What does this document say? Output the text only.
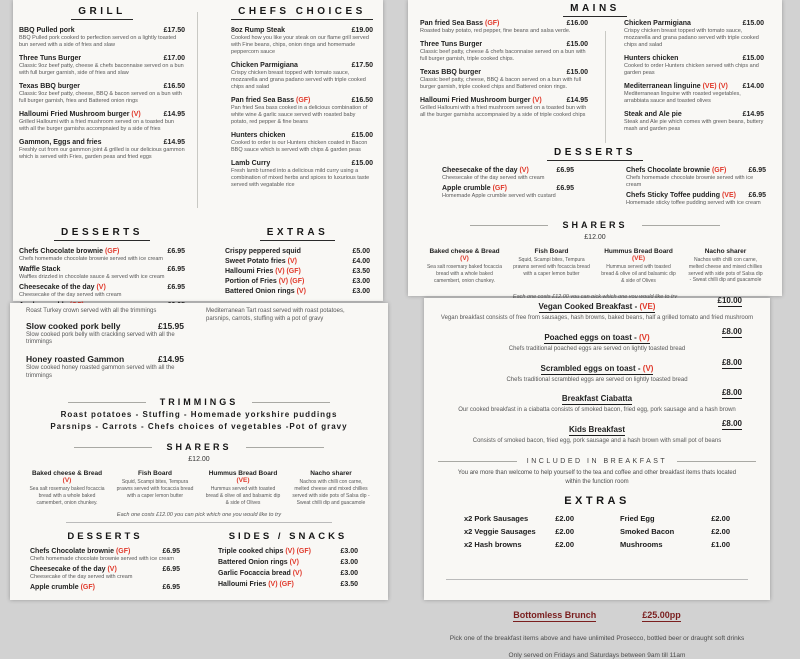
GRILL
BBQ Pulled pork	£17.50
BBQ Pulled pork cooked to perfection served on a lightly toasted bun served with a side of fries and slaw
Three Tuns Burger	£17.00
Classic 9oz beef patty, cheese & chefs baconnaise served on a bun with full burger garnish, side of fries and slaw
Texas BBQ burger	£16.50
Classic 9oz beef patty, cheese, BBQ & bacon served on a bun with full burger garnish, fries and Battered onion rings
Halloumi Fried Mushroom burger (V)	£14.95
Grilled Halloumi with a fried mushroom served on a toasted bun with all the burger garnishs accompnaied by a side of fries
Gammon, Eggs and fries	£14.95
Freshly cut from our gammon joint & grilled is our delicious gammon which is served with Fries, garden peas and fried eggs
CHEFS CHOICES
8oz Rump Steak	£19.00
Cooked how you like your steak on our flame grill served with Fine beans, chips, onion rings and homemade peppercorn sauce
Chicken Parmigiana	£17.50
Crispy chicken breast topped with tomato sauce, mozzarella and grana padano served with triple cooked chips and salad
Pan fried Sea Bass (GF)	£16.50
Pan fried Sea bass cooked in a delicious combination of white wine & garlic sauce served with roasted baby potato, red pepper & fine beans
Hunters chicken	£15.00
Cooked to order is our Hunters chicken coated in Bacon BBQ sauce which is served with chips & garden peas
Lamb Curry	£15.00
Fresh lamb turned into a delicious mild curry using a combination of mixed herbs and spices to luxurious taste served with vegatable rice
DESSERTS
Chefs Chocolate brownie (GF)	£6.95
Chefs homemade chocolate brownie served with ice cream
Waffle Stack	£6.95
Waffles drizzled in chocolate sauce & served with ice cream
Cheesecake of the day (V)	£6.95
Cheesecake of the day served with cream
EXTRAS
Crispy peppered squid	£5.00
Sweet Potato fries (V)	£4.00
Halloumi Fries (V) (GF)	£3.50
Portion of Fries (V) (GF)	£3.00
Battered Onion rings (V)	£3.00
Roast Turkey crown served with all the trimmings
Slow cooked pork belly	£15.95
Slow cooked pork belly with crackling served with all the trimmings
Honey roasted Gammon	£14.95
Slow cooked honey roasted gammon served with all the trimmings
Mediterranean Tart roast served with roast potatoes, parsnips, carrots, stuffing with a pot of gravy
TRIMMINGS
Roast potatoes - Stuffing - Homemade yorkshire puddings
Parsnips - Carrots - Chefs choices of vegetables -Pot of gravy
SHARERS
£12.00
Baked cheese & Bread (V)
Sea salt rosemary baked focaccia bread with a whole baked camembert, onion chunkey.
Fish Board
Squid, Scampi bites, Tempura prawns served with focaccia bread with a caper lemon butter
Hummus Bread Board (VE)
Hummus served with toasted bread & olive oil and balsamic dip & side of Olives
Nacho sharer
Nachos with chilli con carne, melted cheese and mixed chillies served with side pots of Salsa dip - Sweat chilli dip and guacamole
Each one costs £12.00 you can pick which one you would like to try
DESSERTS
Chefs Chocolate brownie (GF)	£6.95
Chefs homemade chocolate brownie served with ice cream
Cheesecake of the day (V)	£6.95
Cheesecake of the day served with cream
Apple crumble (GF)	£6.95
SIDES / SNACKS
Triple cooked chips (V) (GF)	£3.00
Battered Onion rings (V)	£3.00
Garlic Focaccia bread (V)	£3.00
Halloumi Fries (V) (GF)	£3.50
MAINS
Pan fried Sea Bass (GF)	£16.00
Roasted baby potato, red pepper, fine beans and salsa verde.
Three Tuns Burger	£15.00
Classic beef patty, cheese & chefs baconnaise served on a bun with full burger garnish, triple cooked chips.
Texas BBQ burger	£15.00
Classic beef patty, cheese, BBQ & bacon served on a bun with full burger garnish, triple cooked chips and Battered onion rings.
Halloumi Fried Mushroom burger (V)	£14.95
Grilled Halloumi with a fried mushroom served on a toasted bun with all the burger garnishs accompnaied by a side of triple cooked chips
Chicken Parmigiana	£15.00
Crispy chicken breast topped with tomato sauce, mozzarella and grana padano served with triple cooked chips and salad
Hunters chicken	£15.00
Cooked to order Hunters chicken served with chips and garden peas
Mediterranean linguine (VE) (V) £14.00
Mediterranean linguine with roasted vegetables, arrabbiata sauce and toasted olives
Steak and Ale pie	£14.95
Steak and Ale pie which comes with green beans, buttery mash and garden peas
DESSERTS
Cheesecake of the day (V)	£6.95
Cheesecake of the day served with cream
Apple crumble (GF)	£6.95
Homemade Apple crumble served with custard
Chefs Chocolate brownie (GF)	£6.95
Chefs homemade chocolate brownie served with ice cream
Chefs Sticky Toffee pudding (VE) £6.95
Homemade sticky toffee pudding served with ice cream
SHARERS
£12.00
Baked cheese & Bread (V)
Sea salt rosemary baked focaccia bread with a whole baked camembert, onion chunkey.
Fish Board
Squid, Scampi bites, Tempura prawns served with focaccia bread with a caper lemon butter
Hummus Bread Board (VE)
Hummus served with toasted bread & olive oil and balsamic dip & side of Olives
Nacho sharer
Nachos with chilli con carne, melted cheese and mixed chillies served with side pots of Salsa dip - Sweat chilli dip and guacamole
Vegan Cooked Breakfast - (VE)
£10.00
Vegan breakfast consists of free from sausages, hash browns, baked beans, half a grilled tomato and fried mushroom
Poached eggs on toast - (V)
£8.00
Chefs traditional poached eggs are served on lightly toasted bread
Scrambled eggs on toast - (V)
£8.00
Chefs traditional scrambled eggs are served on lightly toasted bread
Breakfast Ciabatta
£8.00
Our cooked breakfast in a ciabatta consists of smoked bacon, fried egg, pork sausage and a hash brown
Kids Breakfast
£8.00
Consists of smoked bacon, fried egg, pork sausage and a hash brown with small pot of beans
INCLUDED IN BREAKFAST
You are more than welcome to help yourself to the tea and coffee and other breakfast items thats located within the function room
EXTRAS
x2 Pork Sausages	£2.00
x2 Veggie Sausages	£2.00
x2 Hash browns	£2.00
Fried Egg	£2.00
Smoked Bacon	£2.00
Mushrooms	£1.00
Bottomless Brunch	£25.00pp
Pick one of the breakfast items above and have unlimited Prosecco, bottled beer or draught soft drinks
Only served on Fridays and Saturdays between 9am till 11am
